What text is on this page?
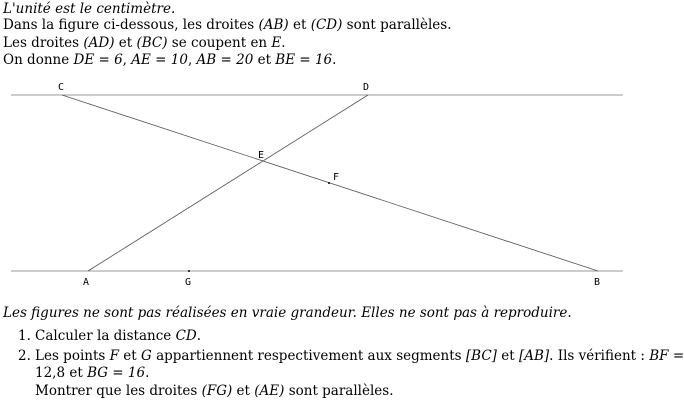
L'unité est le centimètre.
Dans la figure ci-dessous, les droites (AB) et (CD) sont parallèles.
Les droites (AD) et (BC) se coupent en E.
On donne DE = 6, AE = 10, AB = 20 et BE = 16.
C	D
E
F
A	G	B
Les figures ne sont pas réalisées en vraie grandeur. Elles ne sont pas à reproduire.
1. Calculer la distance CD.
2. Les points F et G appartiennent respectivement aux segments [BC] et [AB]. Ils vérifient : BF =
12,8 et BG = 16.
Montrer que les droites (FG) et (AE) sont parallèles.
